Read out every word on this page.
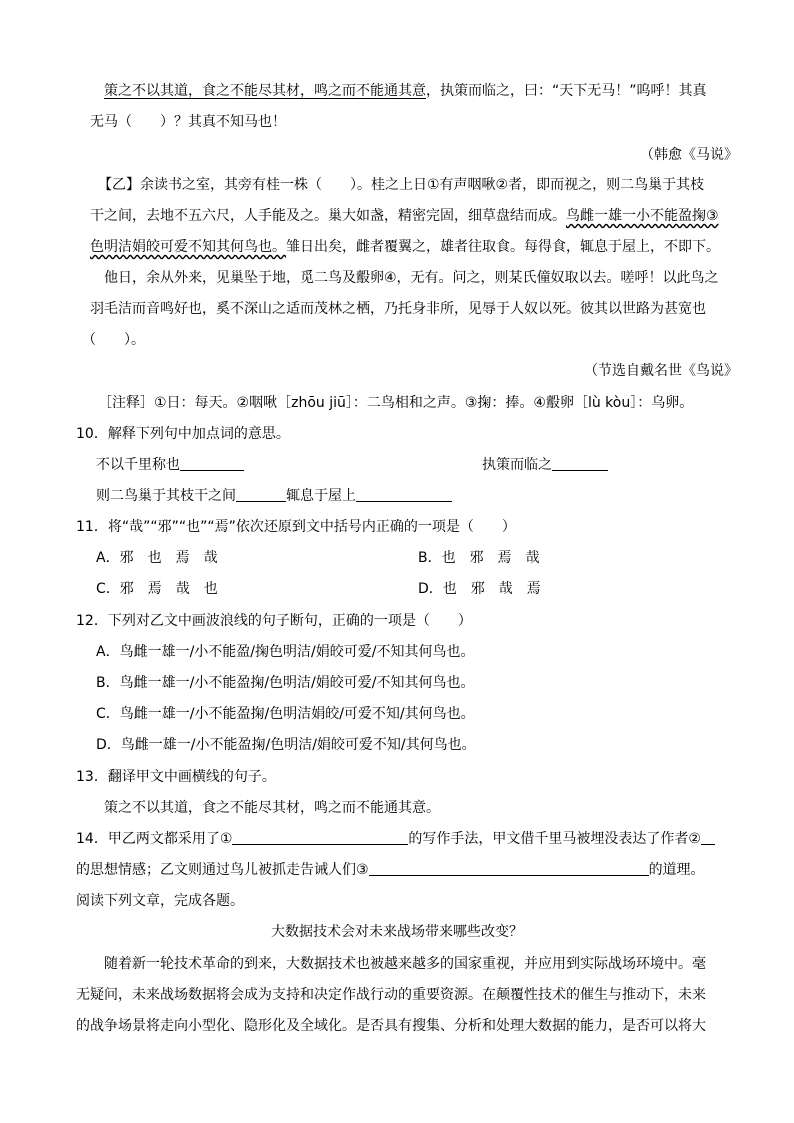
策之不以其道，食之不能尽其材，鸣之而不能通其意，执策而临之，曰：“天下无马！”呜呼！其真
无马（　　）？其真不知马也！
（韩愈《马说》
【乙】余读书之室，其旁有桂一株（　　）。桂之上日①有声咽啾②者，即而视之，则二鸟巢于其枝
干之间，去地不五六尺，人手能及之。巢大如盏，精密完固，细草盘结而成。鸟雌一雄一小不能盈掬③
色明洁娟皎可爱不知其何鸟也。雏日出矣，雌者覆翼之，雄者往取食。每得食，辄息于屋上，不即下。
他日，余从外来，见巢坠于地，觅二鸟及鷇卵④，无有。问之，则某氏僮奴取以去。嗟呼！以此鸟之
羽毛洁而音鸣好也，奚不深山之适而茂林之栖，乃托身非所，见辱于人奴以死。彼其以世路为甚宽也
（　　）。
（节选自戴名世《鸟说》
［注释］①日：每天。②咽啾［zhōu jiū］：二鸟相和之声。③掬：捧。④鷇卵［lù kòu］：乌卵。
10．解释下列句中加点词的意思。
不以千里称也	执策而临之
则二鸟巢于其枝干之间	辄息于屋上
11．将“哉”“邪”“也”“焉”依次还原到文中括号内正确的一项是（　　）
A．邪　也　焉　哉	B．也　邪　焉　哉
C．邪　焉　哉　也	D．也　邪　哉　焉
12．下列对乙文中画波浪线的句子断句，正确的一项是（　　）
A．鸟雌一雄一/小不能盈/掬色明洁/娟皎可爱/不知其何鸟也。
B．鸟雌一雄一/小不能盈掬/色明洁/娟皎可爱/不知其何鸟也。
C．鸟雌一雄一/小不能盈掬/色明洁娟皎/可爱不知/其何鸟也。
D．鸟雌一雄一/小不能盈掬/色明洁/娟皎可爱不知/其何鸟也。
13．翻译甲文中画横线的句子。
策之不以其道，食之不能尽其材，鸣之而不能通其意。
14．甲乙两文都采用了①	的写作手法，甲文借千里马被埋没表达了作者②
的思想情感；乙文则通过鸟儿被抓走告诫人们③	的道理。
阅读下列文章，完成各题。
大数据技术会对未来战场带来哪些改变？
随着新一轮技术革命的到来，大数据技术也被越来越多的国家重视，并应用到实际战场环境中。毫
无疑问，未来战场数据将会成为支持和决定作战行动的重要资源。在颠覆性技术的催生与推动下，未来
的战争场景将走向小型化、隐形化及全域化。是否具有搜集、分析和处理大数据的能力，是否可以将大
